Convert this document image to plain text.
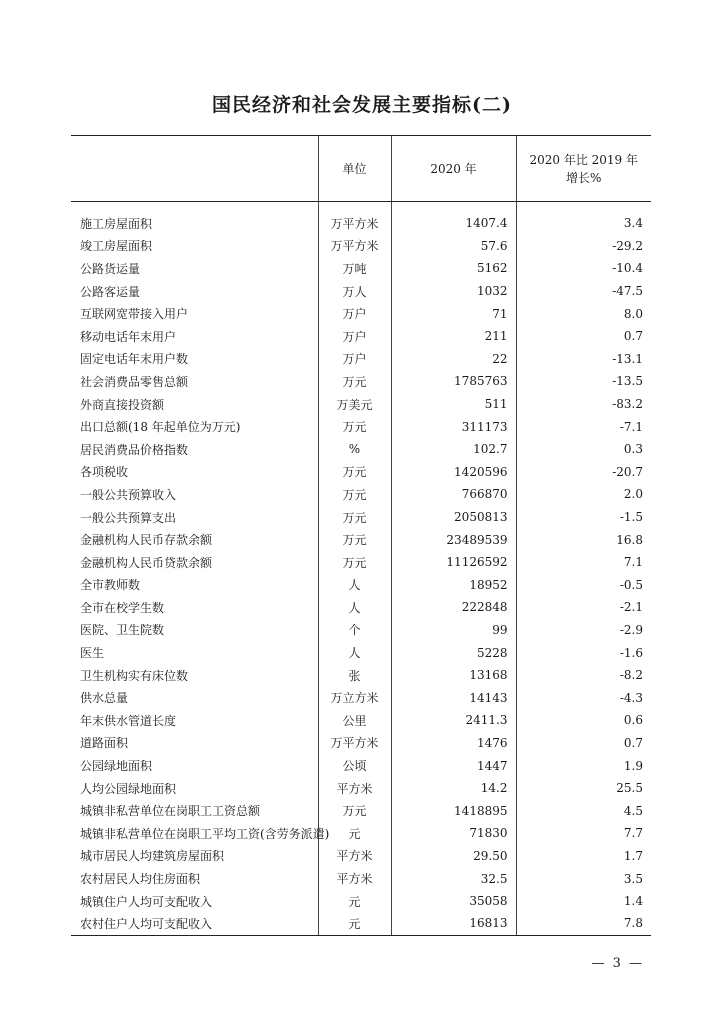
国民经济和社会发展主要指标(二)
	单位	2020 年	2020 年比 2019 年
增长%

施工房屋面积	万平方米	1407.4	3.4
竣工房屋面积	万平方米	57.6	-29.2
公路货运量	万吨	5162	-10.4
公路客运量	万人	1032	-47.5
互联网宽带接入用户	万户	71	8.0
移动电话年末用户	万户	211	0.7
固定电话年末用户数	万户	22	-13.1
社会消费品零售总额	万元	1785763	-13.5
外商直接投资额	万美元	511	-83.2
出口总额(18 年起单位为万元)	万元	311173	-7.1
居民消费品价格指数	%	102.7	0.3
各项税收	万元	1420596	-20.7
一般公共预算收入	万元	766870	2.0
一般公共预算支出	万元	2050813	-1.5
金融机构人民币存款余额	万元	23489539	16.8
金融机构人民币贷款余额	万元	11126592	7.1
全市教师数	人	18952	-0.5
全市在校学生数	人	222848	-2.1
医院、卫生院数	个	99	-2.9
医生	人	5228	-1.6
卫生机构实有床位数	张	13168	-8.2
供水总量	万立方米	14143	-4.3
年末供水管道长度	公里	2411.3	0.6
道路面积	万平方米	1476	0.7
公园绿地面积	公顷	1447	1.9
人均公园绿地面积	平方米	14.2	25.5
城镇非私营单位在岗职工工资总额	万元	1418895	4.5
城镇非私营单位在岗职工平均工资(含劳务派遣)	元	71830	7.7
城市居民人均建筑房屋面积	平方米	29.50	1.7
农村居民人均住房面积	平方米	32.5	3.5
城镇住户人均可支配收入	元	35058	1.4
农村住户人均可支配收入	元	16813	7.8
— 3 —
